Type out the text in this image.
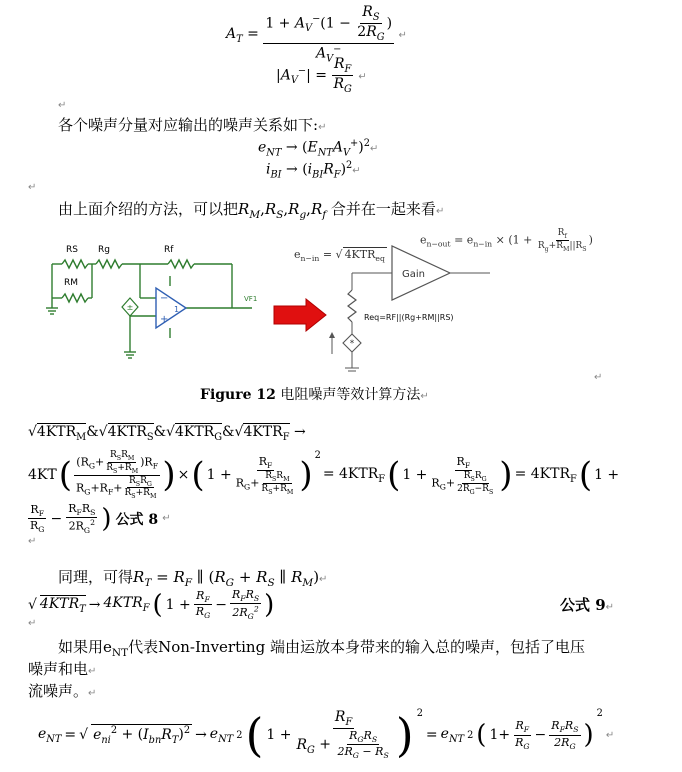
$A_T = \frac{1 + A_V^-(1 - \frac{R_S}{2R_G} )}{A_V^-}$ ↵
$|A_V^-| = \frac{R_F}{R_G}$ ↵
↵
各个噪声分量对应输出的噪声关系如下:↵
$e_{NT}$ → $(E_{NT}A_V^+)^2↵$
$i_{BI}$ → $(i_{BI}R_F)^2↵$
↵
由上面介绍的方法，可以把$R_M,R_S,R_g,R_f$ 合并在一起来看↵
±
−
+
1
RS Rg	Rf
RM
VF1
Gain
*
Req=RF||(Rg+RM||RS)
$e_{n-in}$ = √ $4KTR_{eq}$
$e_{n-out} = e_{n-in} \times (1 + \frac{R_f}{R_g+R_M||R_S}$ )
Figure 12 电阻噪声等效计算方法↵
↵
$√4KTR_M\&√4KTR_S\&√4KTR_G\&√4KTR_F$ →
4KT ( $\frac{(R_G+ \frac{R_SR_M}{R_S+R_M} )R_F}{R_G+R_F+ \frac{R_SR_G}{R_S+R_M}}$ ) × ( $1 + \frac{R_F}{R_G+ \frac{R_SR_M}{R_S+R_M}} )^2$
= $4KTR_F$ ( $1 + \frac{R_F}{R_G+ \frac{R_SR_G}{2R_G-R_S}}$ ) = $4KTR_F$ ( 1 +
$\frac{R_F}{R_G} - \frac{R_FR_S}{2R_G^2}$ ) 公式 8 ↵
↵
同理，可得$R_T = R_F$ ∥ ($R_G + R_S$ ∥ $R_M)↵$
√ $4KTR_T \to 4KTR_F$ ( $1 + \frac{R_F}{R_G} - \frac{R_FR_S}{2R_G^2}$ )	公式 9↵
↵
如果用$e_{NT}$代表Non-Inverting 端由运放本身带来的输入总的噪声，包括了电压
噪声和电↵
流噪声。↵
$e_{NT}$ = √ $e_{ni}^2 + (I_{bn}R_T)^2 \to e_{NT}$ 2 ( $1 + \frac{R_F}{R_G + \frac{R_GR_S}{2R_G - R_S}}$ ) $^2$
= $e_{NT}$ 2 ( $1+ \frac{R_F}{R_G} - \frac{R_FR_S}{2R_G}$ )
2
↵
